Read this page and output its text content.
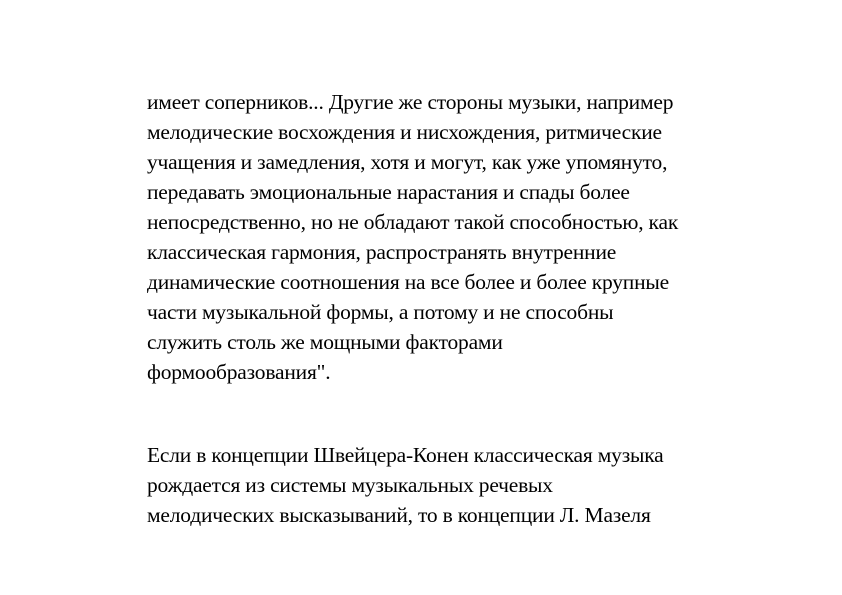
имеет соперников... Другие же стороны музыки, например
мелодические восхождения и нисхождения, ритмические
учащения и замедления, хотя и могут, как уже упомянуто,
передавать эмоциональные нарастания и спады более
непосредственно, но не обладают такой способностью, как
классическая гармония, распространять внутренние
динамические соотношения на все более и более крупные
части музыкальной формы, а потому и не способны
служить столь же мощными факторами
формообразования".
Если в концепции Швейцера-Конен классическая музыка
рождается из системы музыкальных речевых
мелодических высказываний, то в концепции Л. Мазеля
